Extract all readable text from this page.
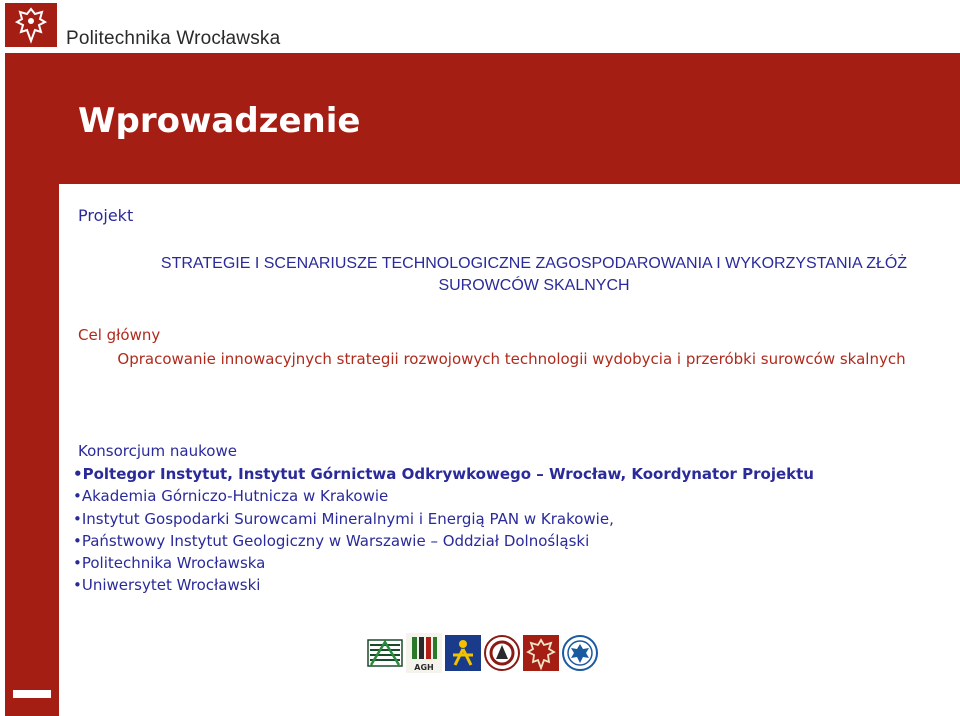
Politechnika Wrocławska
Wprowadzenie
Projekt
STRATEGIE I SCENARIUSZE TECHNOLOGICZNE ZAGOSPODAROWANIA I WYKORZYSTANIA ZŁÓŻ SUROWCÓW SKALNYCH
Cel główny
Opracowanie innowacyjnych strategii rozwojowych technologii wydobycia i przeróbki surowców skalnych
Konsorcjum naukowe
• Poltegor Instytut, Instytut Górnictwa Odkrywkowego – Wrocław, Koordynator Projektu
• Akademia Górniczo-Hutnicza w Krakowie
• Instytut Gospodarki Surowcami Mineralnymi i Energią PAN w Krakowie,
• Państwowy Instytut Geologiczny w Warszawie – Oddział Dolnośląski
• Politechnika Wrocławska
• Uniwersytet Wrocławski
AGH
